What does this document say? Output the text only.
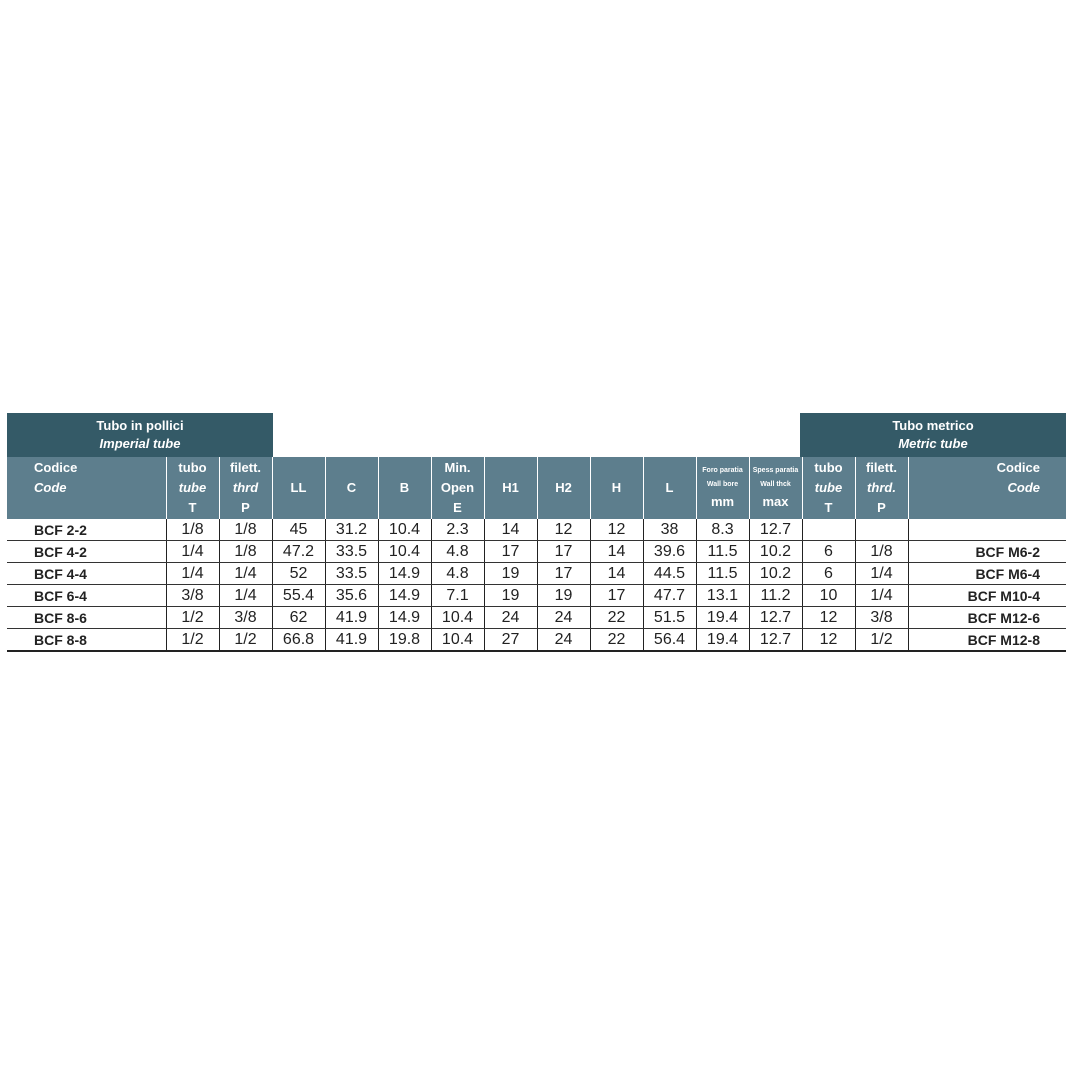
Tubo in pollici
Imperial tube
Tubo metrico
Metric tube
Codice
Code	tubo
tube
T	filett.
thrd
P	LL	C	B	Min.
Open
E	H1	H2	H	L	Foro paratia
Wall bore
mm	Spess paratia
Wall thck
max	tubo
tube
T	filett.
thrd.
P	Codice
Code

BCF 2-2	1/8	1/8	45	31.2	10.4	2.3	14	12	12	38	8.3	12.7			
BCF 4-2	1/4	1/8	47.2	33.5	10.4	4.8	17	17	14	39.6	11.5	10.2	6	1/8	BCF M6-2
BCF 4-4	1/4	1/4	52	33.5	14.9	4.8	19	17	14	44.5	11.5	10.2	6	1/4	BCF M6-4
BCF 6-4	3/8	1/4	55.4	35.6	14.9	7.1	19	19	17	47.7	13.1	11.2	10	1/4	BCF M10-4
BCF 8-6	1/2	3/8	62	41.9	14.9	10.4	24	24	22	51.5	19.4	12.7	12	3/8	BCF M12-6
BCF 8-8	1/2	1/2	66.8	41.9	19.8	10.4	27	24	22	56.4	19.4	12.7	12	1/2	BCF M12-8
